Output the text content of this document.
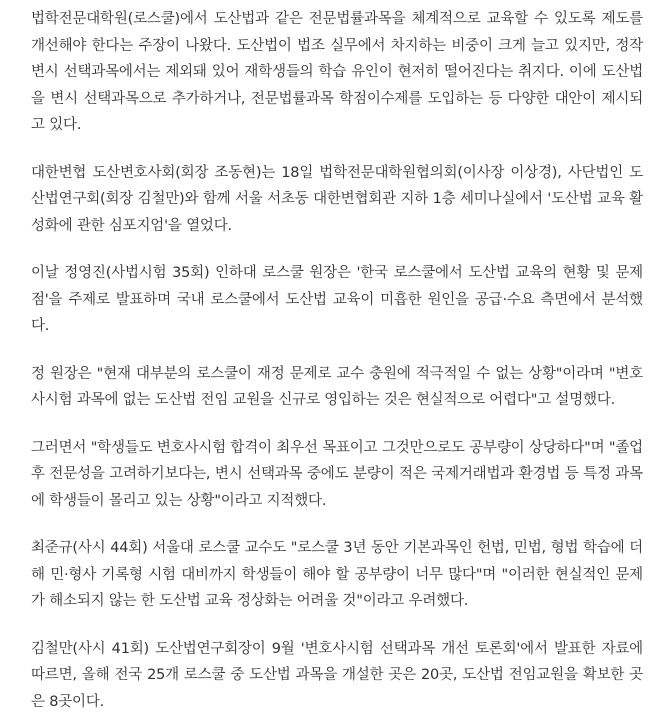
법학전문대학원(로스쿨)에서 도산법과 같은 전문법률과목을 체계적으로 교육할 수 있도록 제도를 개선해야 한다는 주장이 나왔다. 도산법이 법조 실무에서 차지하는 비중이 크게 늘고 있지만, 정작 변시 선택과목에서는 제외돼 있어 재학생들의 학습 유인이 현저히 떨어진다는 취지다. 이에 도산법을 변시 선택과목으로 추가하거나, 전문법률과목 학점이수제를 도입하는 등 다양한 대안이 제시되고 있다.

대한변협 도산변호사회(회장 조동현)는 18일 법학전문대학원협의회(이사장 이상경), 사단법인 도산법연구회(회장 김철만)와 함께 서울 서초동 대한변협회관 지하 1층 세미나실에서 '도산법 교육 활성화에 관한 심포지엄'을 열었다.

이날 정영진(사법시험 35회) 인하대 로스쿨 원장은 '한국 로스쿨에서 도산법 교육의 현황 및 문제점'을 주제로 발표하며 국내 로스쿨에서 도산법 교육이 미흡한 원인을 공급·수요 측면에서 분석했다.

정 원장은 "현재 대부분의 로스쿨이 재정 문제로 교수 충원에 적극적일 수 없는 상황"이라며 "변호사시험 과목에 없는 도산법 전임 교원을 신규로 영입하는 것은 현실적으로 어렵다"고 설명했다.

그러면서 "학생들도 변호사시험 합격이 최우선 목표이고 그것만으로도 공부량이 상당하다"며 "졸업 후 전문성을 고려하기보다는, 변시 선택과목 중에도 분량이 적은 국제거래법과 환경법 등 특정 과목에 학생들이 몰리고 있는 상황"이라고 지적했다.

최준규(사시 44회) 서울대 로스쿨 교수도 "로스쿨 3년 동안 기본과목인 헌법, 민법, 형법 학습에 더해 민·형사 기록형 시험 대비까지 학생들이 해야 할 공부량이 너무 많다"며 "이러한 현실적인 문제가 해소되지 않는 한 도산법 교육 정상화는 어려울 것"이라고 우려했다.

김철만(사시 41회) 도산법연구회장이 9월 '변호사시험 선택과목 개선 토론회'에서 발표한 자료에 따르면, 올해 전국 25개 로스쿨 중 도산법 과목을 개설한 곳은 20곳, 도산법 전임교원을 확보한 곳은 8곳이다.
